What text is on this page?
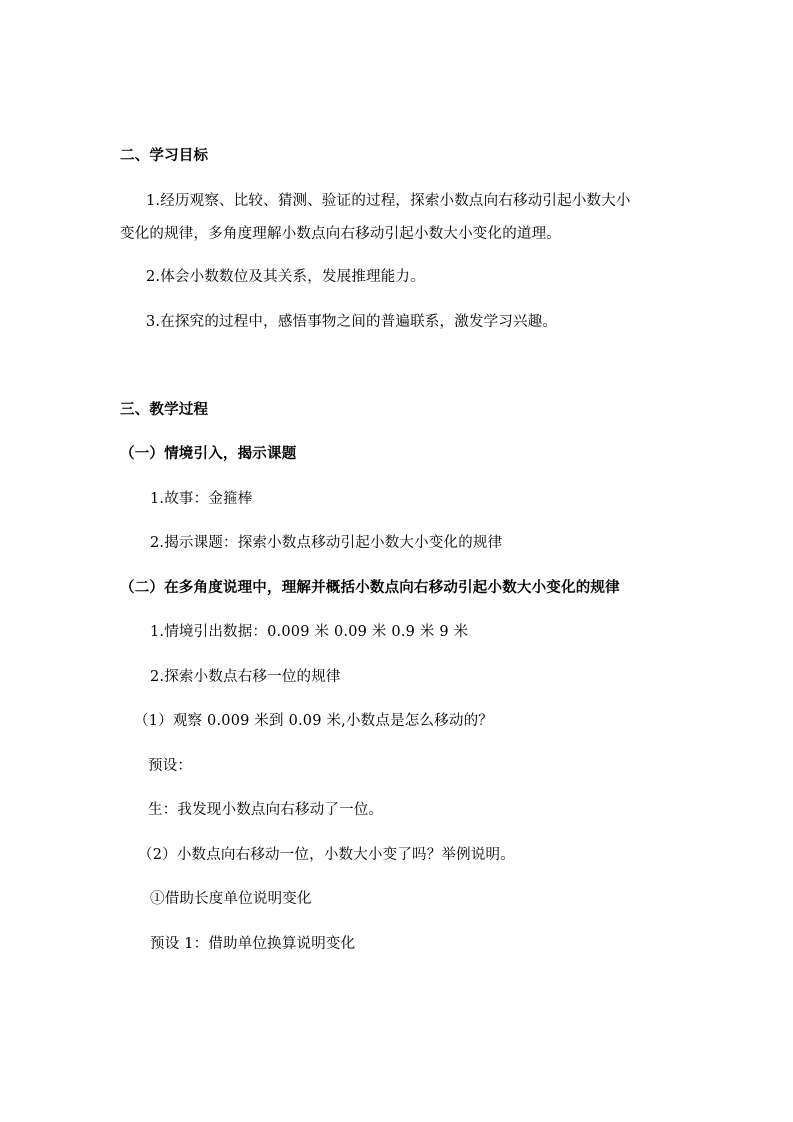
二、学习目标
1.经历观察、比较、猜测、验证的过程，探索小数点向右移动引起小数大小
变化的规律，多角度理解小数点向右移动引起小数大小变化的道理。
2.体会小数数位及其关系，发展推理能力。
3.在探究的过程中，感悟事物之间的普遍联系，激发学习兴趣。
三、教学过程
（一）情境引入，揭示课题
1.故事：金箍棒
2.揭示课题：探索小数点移动引起小数大小变化的规律
（二）在多角度说理中，理解并概括小数点向右移动引起小数大小变化的规律
1.情境引出数据：0.009 米 0.09 米 0.9 米 9 米
2.探索小数点右移一位的规律
（1）观察 0.009 米到 0.09 米,小数点是怎么移动的？
预设：
生：我发现小数点向右移动了一位。
（2）小数点向右移动一位，小数大小变了吗？举例说明。
①借助长度单位说明变化
预设 1：借助单位换算说明变化
